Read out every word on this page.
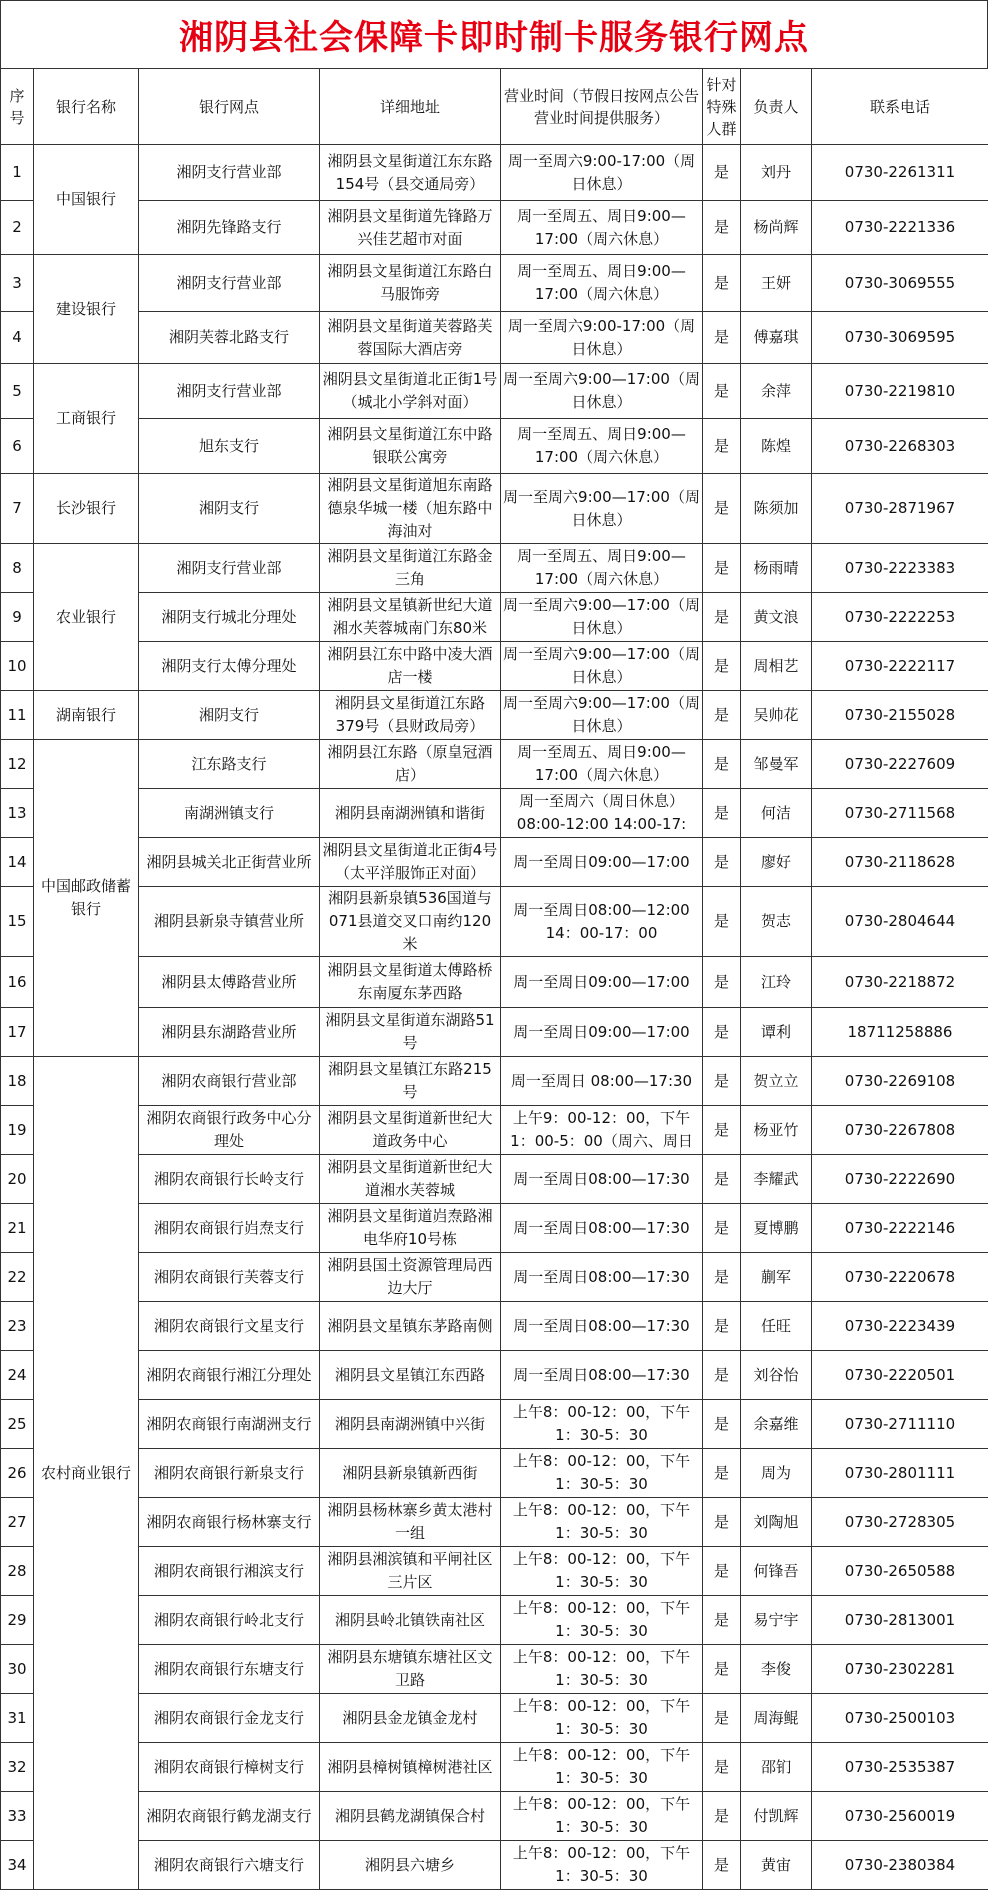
湘阴县社会保障卡即时制卡服务银行网点
序号	银行名称	银行网点	详细地址	营业时间（节假日按网点公告营业时间提供服务）	针对特殊人群	负责人	联系电话
1	中国银行	湘阴支行营业部	湘阴县文星街道江东东路154号（县交通局旁）	周一至周六9:00-17:00（周日休息）	是	刘丹	0730-2261311
2		湘阴先锋路支行	湘阴县文星街道先锋路万兴佳艺超市对面	周一至周五、周日9:00—17:00（周六休息）	是	杨尚辉	0730-2221336
3	建设银行	湘阴支行营业部	湘阴县文星街道江东路白马服饰旁	周一至周五、周日9:00—17:00（周六休息）	是	王妍	0730-3069555
4		湘阴芙蓉北路支行	湘阴县文星街道芙蓉路芙蓉国际大酒店旁	周一至周六9:00-17:00（周日休息）	是	傅嘉琪	0730-3069595
5	工商银行	湘阴支行营业部	湘阴县文星街道北正街1号（城北小学斜对面）	周一至周六9:00—17:00（周日休息）	是	余萍	0730-2219810
6		旭东支行	湘阴县文星街道江东中路银联公寓旁	周一至周五、周日9:00—17:00（周六休息）	是	陈煌	0730-2268303
7	长沙银行	湘阴支行	湘阴县文星街道旭东南路德泉华城一楼（旭东路中海油对	周一至周六9:00—17:00（周日休息）	是	陈须加	0730-2871967
8	农业银行	湘阴支行营业部	湘阴县文星街道江东路金三角	周一至周五、周日9:00—17:00（周六休息）	是	杨雨晴	0730-2223383
9		湘阴支行城北分理处	湘阴县文星镇新世纪大道湘水芙蓉城南门东80米	周一至周六9:00—17:00（周日休息）	是	黄文浪	0730-2222253
10		湘阴支行太傅分理处	湘阴县江东中路中凌大酒店一楼	周一至周六9:00—17:00（周日休息）	是	周相艺	0730-2222117
11	湖南银行	湘阴支行	湘阴县文星街道江东路379号（县财政局旁）	周一至周六9:00—17:00（周日休息）	是	吴帅花	0730-2155028
12	中国邮政储蓄银行	江东路支行	湘阴县江东路（原皇冠酒店）	周一至周五、周日9:00—17:00（周六休息）	是	邹曼军	0730-2227609
13		南湖洲镇支行	湘阴县南湖洲镇和谐街	周一至周六（周日休息）08:00-12:00 14:00-17:	是	何洁	0730-2711568
14		湘阴县城关北正街营业所	湘阴县文星街道北正街4号（太平洋服饰正对面）	周一至周日09:00—17:00	是	廖好	0730-2118628
15		湘阴县新泉寺镇营业所	湘阴县新泉镇536国道与071县道交叉口南约120米	周一至周日08:00—12:00 14：00-17：00	是	贺志	0730-2804644
16		湘阴县太傅路营业所	湘阴县文星街道太傅路桥东南厦东茅西路	周一至周日09:00—17:00	是	江玲	0730-2218872
17		湘阴县东湖路营业所	湘阴县文星街道东湖路51号	周一至周日09:00—17:00	是	谭利	18711258886
18	农村商业银行	湘阴农商银行营业部	湘阴县文星镇江东路215号	周一至周日 08:00—17:30	是	贺立立	0730-2269108
19		湘阴农商银行政务中心分理处	湘阴县文星街道新世纪大道政务中心	上午9：00-12：00，下午1：00-5：00（周六、周日	是	杨亚竹	0730-2267808
20		湘阴农商银行长岭支行	湘阴县文星街道新世纪大道湘水芙蓉城	周一至周日08:00—17:30	是	李耀武	0730-2222690
21		湘阴农商银行岿焘支行	湘阴县文星街道岿焘路湘电华府10号栋	周一至周日08:00—17:30	是	夏博鹏	0730-2222146
22		湘阴农商银行芙蓉支行	湘阴县国土资源管理局西边大厅	周一至周日08:00—17:30	是	蒯军	0730-2220678
23		湘阴农商银行文星支行	湘阴县文星镇东茅路南侧	周一至周日08:00—17:30	是	任旺	0730-2223439
24		湘阴农商银行湘江分理处	湘阴县文星镇江东西路	周一至周日08:00—17:30	是	刘谷怡	0730-2220501
25		湘阴农商银行南湖洲支行	湘阴县南湖洲镇中兴街	上午8：00-12：00，下午1：30-5：30	是	余嘉维	0730-2711110
26		湘阴农商银行新泉支行	湘阴县新泉镇新西街	上午8：00-12：00，下午1：30-5：30	是	周为	0730-2801111
27		湘阴农商银行杨林寨支行	湘阴县杨林寨乡黄太港村一组	上午8：00-12：00，下午1：30-5：30	是	刘陶旭	0730-2728305
28		湘阴农商银行湘滨支行	湘阴县湘滨镇和平闸社区三片区	上午8：00-12：00，下午1：30-5：30	是	何锋吾	0730-2650588
29		湘阴农商银行岭北支行	湘阴县岭北镇铁南社区	上午8：00-12：00，下午1：30-5：30	是	易宁宇	0730-2813001
30		湘阴农商银行东塘支行	湘阴县东塘镇东塘社区文卫路	上午8：00-12：00，下午1：30-5：30	是	李俊	0730-2302281
31		湘阴农商银行金龙支行	湘阴县金龙镇金龙村	上午8：00-12：00，下午1：30-5：30	是	周海鲲	0730-2500103
32		湘阴农商银行樟树支行	湘阴县樟树镇樟树港社区	上午8：00-12：00，下午1：30-5：30	是	邵钔	0730-2535387
33		湘阴农商银行鹤龙湖支行	湘阴县鹤龙湖镇保合村	上午8：00-12：00，下午1：30-5：30	是	付凯辉	0730-2560019
34		湘阴农商银行六塘支行	湘阴县六塘乡	上午8：00-12：00，下午1：30-5：30	是	黄宙	0730-2380384
